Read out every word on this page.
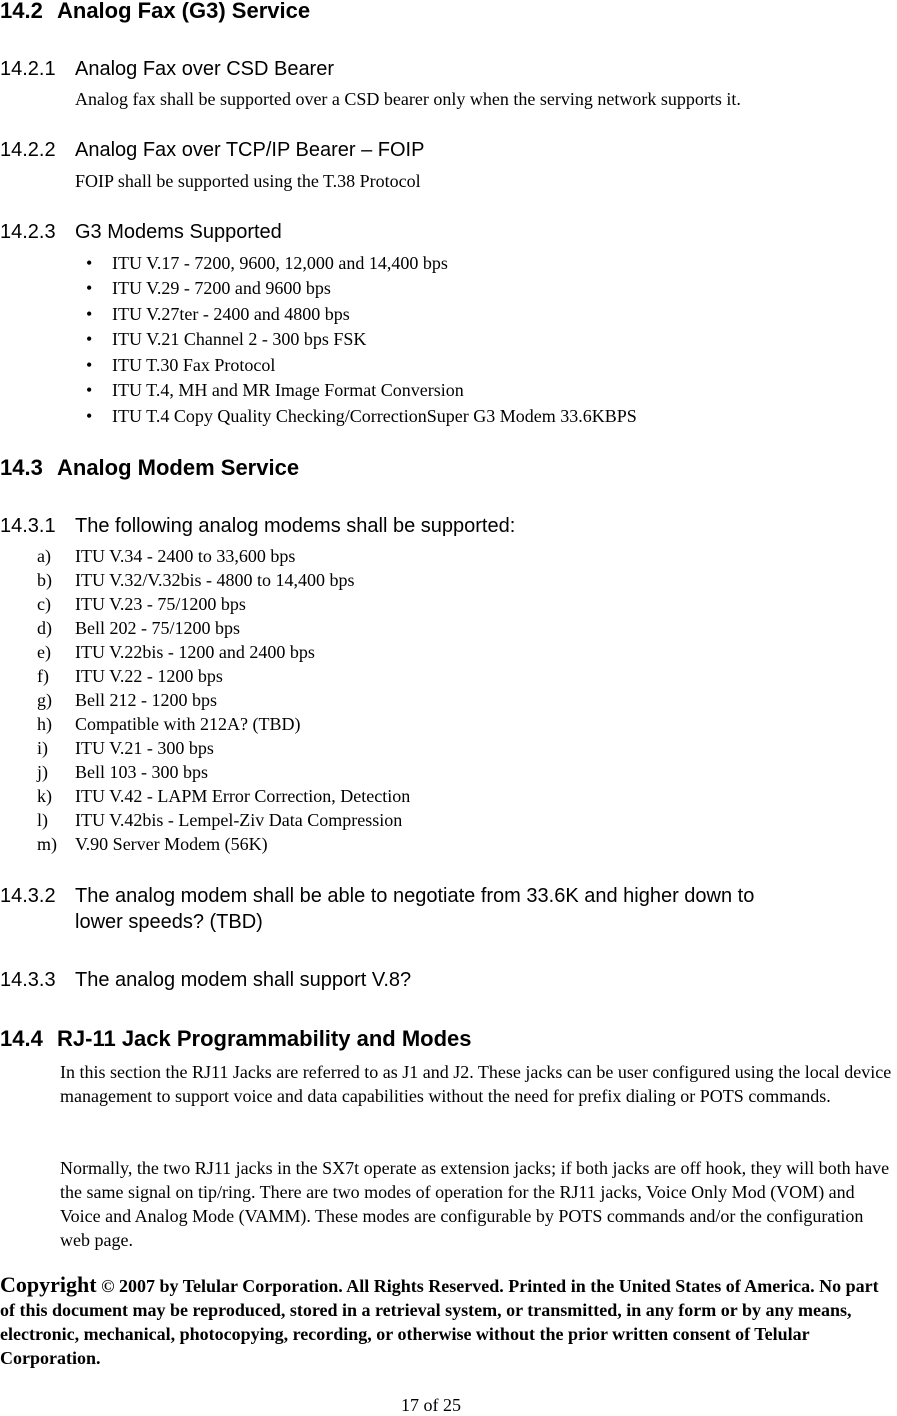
14.2 Analog Fax (G3) Service
14.2.1 Analog Fax over CSD Bearer
Analog fax shall be supported over a CSD bearer only when the serving network supports it.
14.2.2 Analog Fax over TCP/IP Bearer – FOIP
FOIP shall be supported using the T.38 Protocol
14.2.3 G3 Modems Supported
• ITU V.17 - 7200, 9600, 12,000 and 14,400 bps
• ITU V.29 - 7200 and 9600 bps
• ITU V.27ter - 2400 and 4800 bps
• ITU V.21 Channel 2 - 300 bps FSK
• ITU T.30 Fax Protocol
• ITU T.4, MH and MR Image Format Conversion
• ITU T.4 Copy Quality Checking/CorrectionSuper G3 Modem 33.6KBPS
14.3 Analog Modem Service
14.3.1 The following analog modems shall be supported:
a) ITU V.34 - 2400 to 33,600 bps
b) ITU V.32/V.32bis - 4800 to 14,400 bps
c) ITU V.23 - 75/1200 bps
d) Bell 202 - 75/1200 bps
e) ITU V.22bis - 1200 and 2400 bps
f) ITU V.22 - 1200 bps
g) Bell 212 - 1200 bps
h) Compatible with 212A? (TBD)
i) ITU V.21 - 300 bps
j) Bell 103 - 300 bps
k) ITU V.42 - LAPM Error Correction, Detection
l) ITU V.42bis - Lempel-Ziv Data Compression
m) V.90 Server Modem (56K)
14.3.2 The analog modem shall be able to negotiate from 33.6K and higher down to
lower speeds? (TBD)
14.3.3 The analog modem shall support V.8?
14.4 RJ-11 Jack Programmability and Modes
In this section the RJ11 Jacks are referred to as J1 and J2. These jacks can be user configured using the local device management to support voice and data capabilities without the need for prefix dialing or POTS commands.
Normally, the two RJ11 jacks in the SX7t operate as extension jacks; if both jacks are off hook, they will both have the same signal on tip/ring. There are two modes of operation for the RJ11 jacks, Voice Only Mod (VOM) and Voice and Analog Mode (VAMM). These modes are configurable by POTS commands and/or the configuration web page.
Copyright © 2007 by Telular Corporation. All Rights Reserved. Printed in the United States of America. No part of this document may be reproduced, stored in a retrieval system, or transmitted, in any form or by any means, electronic, mechanical, photocopying, recording, or otherwise without the prior written consent of Telular Corporation.
17 of 25
